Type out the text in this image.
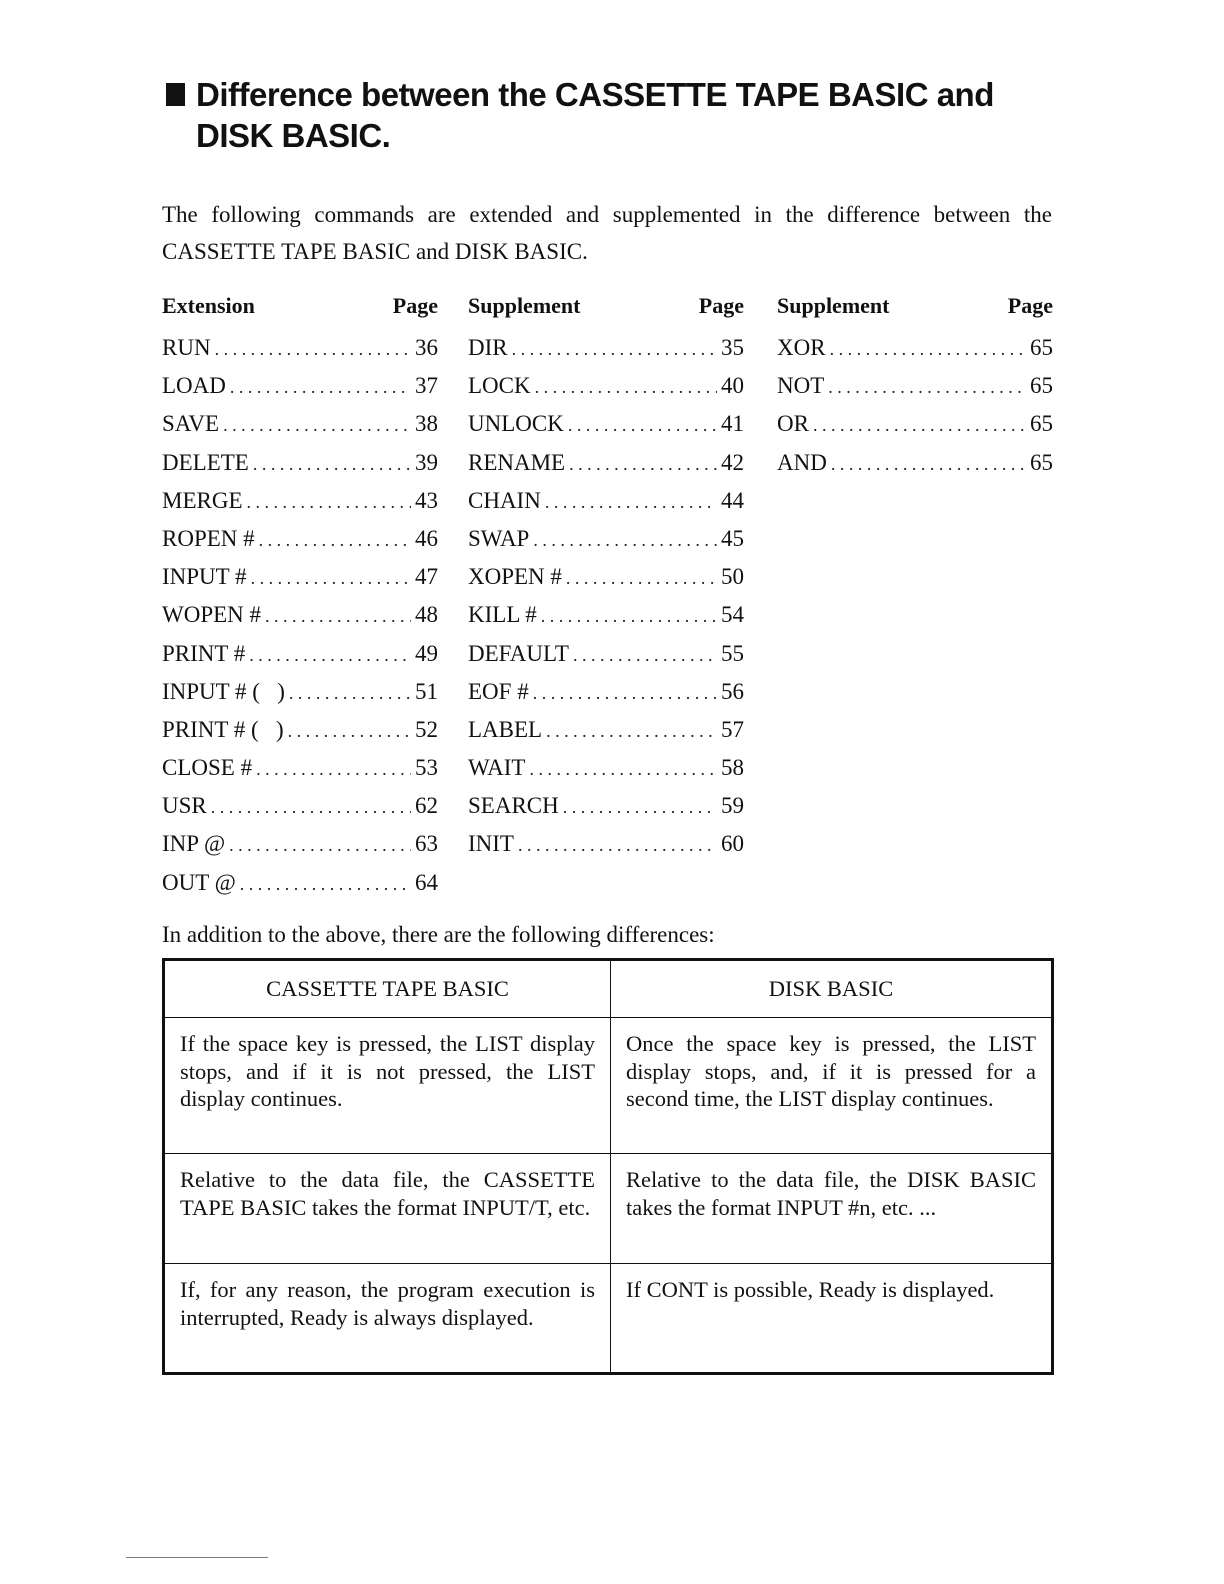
Difference between the CASSETTE TAPE BASIC and
DISK BASIC.

The following commands are extended and supplemented in the difference between the CASSETTE TAPE BASIC and DISK BASIC.

Extension	Page
RUN . . .	36
LOAD . . .	37
SAVE . . .	38
DELETE . . .	39
MERGE . . .	43
ROPEN # . . .	46
INPUT # . . .	47
WOPEN # . . .	48
PRINT # . . .	49
INPUT # (   ) . . .	51
PRINT # (   ) . . .	52
CLOSE # . . .	53
USR . . .	62
INP @ . . .	63
OUT @ . . .	64
Supplement	Page
DIR . . .	35
LOCK . . .	40
UNLOCK . . .	41
RENAME . . .	42
CHAIN . . .	44
SWAP . . .	45
XOPEN # . . .	50
KILL # . . .	54
DEFAULT . . .	55
EOF # . . .	56
LABEL . . .	57
WAIT . . .	58
SEARCH . . .	59
INIT . . .	60
Supplement	Page
XOR . . .	65
NOT . . .	65
OR . . .	65
AND . . .	65

In addition to the above, there are the following differences:

CASSETTE TAPE BASIC	DISK BASIC
If the space key is pressed, the LIST display stops, and if it is not pressed, the LIST display continues.	Once the space key is pressed, the LIST display stops, and, if it is pressed for a second time, the LIST display continues.
Relative to the data file, the CASSETTE TAPE BASIC takes the format INPUT/T, etc.	Relative to the data file, the DISK BASIC takes the format INPUT #n, etc. ...
If, for any reason, the program execution is interrupted, Ready is always displayed.	If CONT is possible, Ready is displayed.
